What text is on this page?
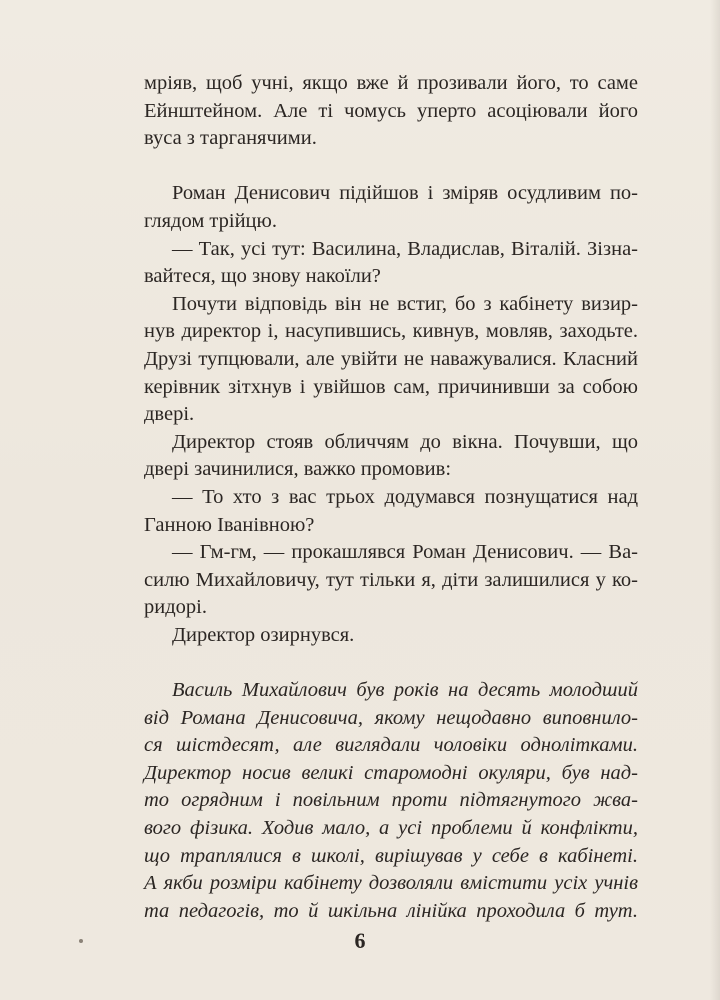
мріяв, щоб учні, якщо вже й прозивали його, то саме
Ейнштейном. Але ті чомусь уперто асоціювали його
вуса з тарганячими.
Роман Денисович підійшов і зміряв осудливим по-
глядом трійцю.
— Так, усі тут: Василина, Владислав, Віталій. Зізна-
вайтеся, що знову накоїли?
Почути відповідь він не встиг, бо з кабінету визир-
нув директор і, насупившись, кивнув, мовляв, заходьте.
Друзі тупцювали, але увійти не наважувалися. Класний
керівник зітхнув і увійшов сам, причинивши за собою
двері.
Директор стояв обличчям до вікна. Почувши, що
двері зачинилися, важко промовив:
— То хто з вас трьох додумався познущатися над
Ганною Іванівною?
— Гм-гм, — прокашлявся Роман Денисович. — Ва-
силю Михайловичу, тут тільки я, діти залишилися у ко-
ридорі.
Директор озирнувся.
Василь Михайлович був років на десять молодший
від Романа Денисовича, якому нещодавно виповнило-
ся шістдесят, але виглядали чоловіки однолітками.
Директор носив великі старомодні окуляри, був над-
то огрядним і повільним проти підтягнутого жва-
вого фізика. Ходив мало, а усі проблеми й конфлікти,
що траплялися в школі, вирішував у себе в кабінеті.
А якби розміри кабінету дозволяли вмістити усіх учнів
та педагогів, то й шкільна лінійка проходила б тут.
6
